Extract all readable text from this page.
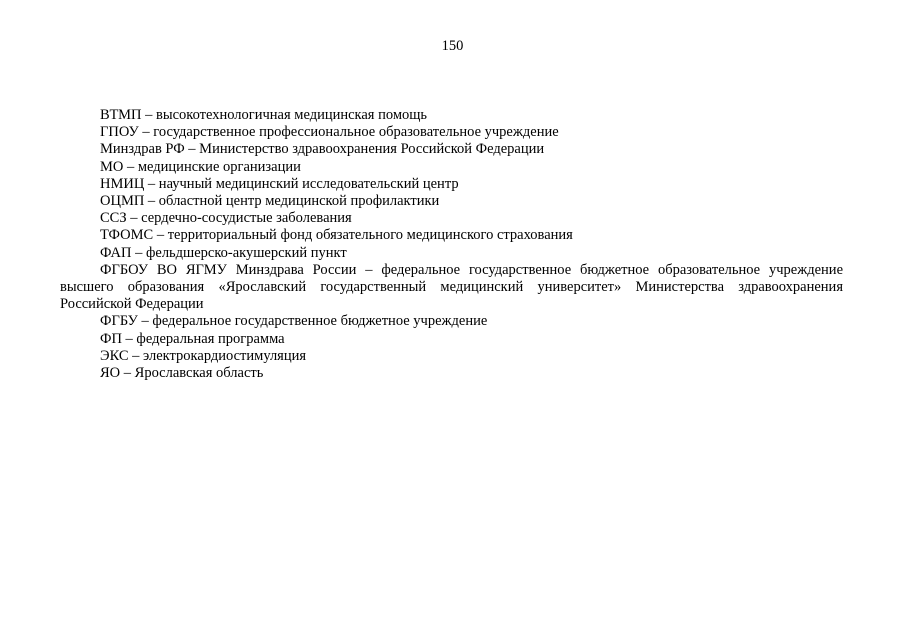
150
ВТМП – высокотехнологичная медицинская помощь
ГПОУ – государственное профессиональное образовательное учреждение
Минздрав РФ – Министерство здравоохранения Российской Федерации
МО – медицинские организации
НМИЦ – научный медицинский исследовательский центр
ОЦМП – областной центр медицинской профилактики
ССЗ – сердечно-сосудистые заболевания
ТФОМС – территориальный фонд обязательного медицинского страхования
ФАП – фельдшерско-акушерский пункт
ФГБОУ ВО ЯГМУ Минздрава России – федеральное государственное бюджетное образовательное учреждение высшего образования «Ярославский государственный медицинский университет» Министерства здравоохранения Российской Федерации
ФГБУ – федеральное государственное бюджетное учреждение
ФП – федеральная программа
ЭКС – электрокардиостимуляция
ЯО – Ярославская область
